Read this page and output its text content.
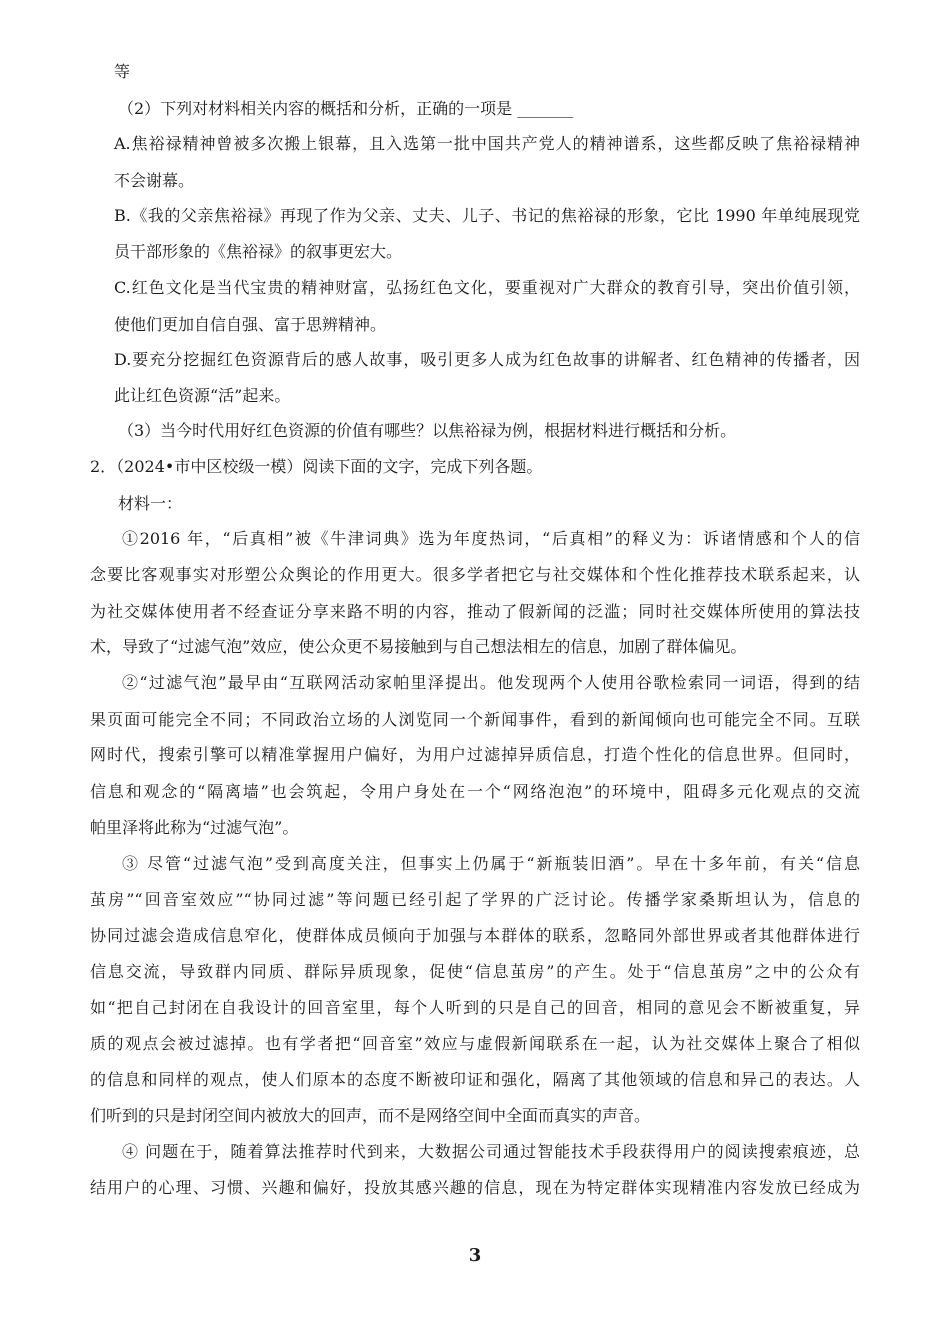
等
（2）下列对材料相关内容的概括和分析，正确的一项是 _______
A.焦裕禄精神曾被多次搬上银幕，且入选第一批中国共产党人的精神谱系，这些都反映了焦裕禄精神
不会谢幕。
B.《我的父亲焦裕禄》再现了作为父亲、丈夫、儿子、书记的焦裕禄的形象，它比 1990 年单纯展现党
员干部形象的《焦裕禄》的叙事更宏大。
C.红色文化是当代宝贵的精神财富，弘扬红色文化，要重视对广大群众的教育引导，突出价值引领，
使他们更加自信自强、富于思辨精神。
D.要充分挖掘红色资源背后的感人故事，吸引更多人成为红色故事的讲解者、红色精神的传播者，因
此让红色资源“活”起来。
（3）当今时代用好红色资源的价值有哪些？以焦裕禄为例，根据材料进行概括和分析。
2．（2024•市中区校级一模）阅读下面的文字，完成下列各题。
材料一：
①2016 年，“后真相”被《牛津词典》选为年度热词，“后真相”的释义为：诉诸情感和个人的信
念要比客观事实对形塑公众舆论的作用更大。很多学者把它与社交媒体和个性化推荐技术联系起来，认
为社交媒体使用者不经查证分享来路不明的内容，推动了假新闻的泛滥；同时社交媒体所使用的算法技
术，导致了“过滤气泡”效应，使公众更不易接触到与自己想法相左的信息，加剧了群体偏见。
②“过滤气泡”最早由“互联网活动家帕里泽提出。他发现两个人使用谷歌检索同一词语，得到的结
果页面可能完全不同；不同政治立场的人浏览同一个新闻事件，看到的新闻倾向也可能完全不同。互联
网时代，搜索引擎可以精准掌握用户偏好，为用户过滤掉异质信息，打造个性化的信息世界。但同时，
信息和观念的“隔离墙”也会筑起，令用户身处在一个“网络泡泡”的环境中，阻碍多元化观点的交流
帕里泽将此称为“过滤气泡”。
③ 尽管“过滤气泡”受到高度关注，但事实上仍属于“新瓶装旧酒”。早在十多年前，有关“信息
茧房”“回音室效应”“协同过滤”等问题已经引起了学界的广泛讨论。传播学家桑斯坦认为，信息的
协同过滤会造成信息窄化，使群体成员倾向于加强与本群体的联系，忽略同外部世界或者其他群体进行
信息交流，导致群内同质、群际异质现象，促使“信息茧房”的产生。处于“信息茧房”之中的公众有
如“把自己封闭在自我设计的回音室里，每个人听到的只是自己的回音，相同的意见会不断被重复，异
质的观点会被过滤掉。也有学者把“回音室”效应与虚假新闻联系在一起，认为社交媒体上聚合了相似
的信息和同样的观点，使人们原本的态度不断被印证和强化，隔离了其他领域的信息和异己的表达。人
们听到的只是封闭空间内被放大的回声，而不是网络空间中全面而真实的声音。
④ 问题在于，随着算法推荐时代到来，大数据公司通过智能技术手段获得用户的阅读搜索痕迹，总
结用户的心理、习惯、兴趣和偏好，投放其感兴趣的信息，现在为特定群体实现精准内容发放已经成为
3
